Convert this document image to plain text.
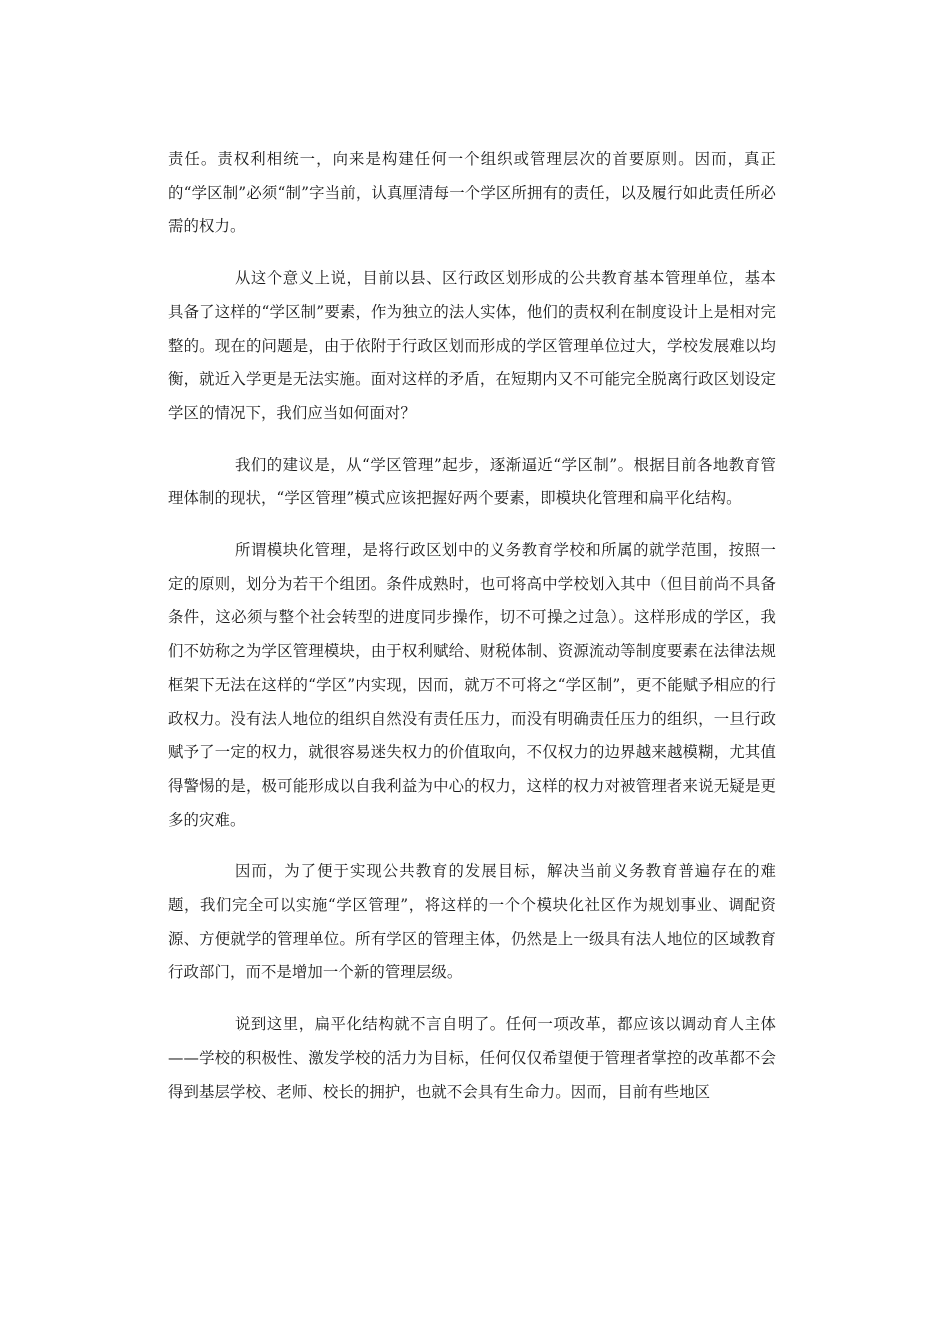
责任。责权利相统一，向来是构建任何一个组织或管理层次的首要原则。因而，真正的“学区制”必须“制”字当前，认真厘清每一个学区所拥有的责任，以及履行如此责任所必需的权力。

从这个意义上说，目前以县、区行政区划形成的公共教育基本管理单位，基本具备了这样的“学区制”要素，作为独立的法人实体，他们的责权利在制度设计上是相对完整的。现在的问题是，由于依附于行政区划而形成的学区管理单位过大，学校发展难以均衡，就近入学更是无法实施。面对这样的矛盾，在短期内又不可能完全脱离行政区划设定学区的情况下，我们应当如何面对？

我们的建议是，从“学区管理”起步，逐渐逼近“学区制”。根据目前各地教育管理体制的现状，“学区管理”模式应该把握好两个要素，即模块化管理和扁平化结构。

所谓模块化管理，是将行政区划中的义务教育学校和所属的就学范围，按照一定的原则，划分为若干个组团。条件成熟时，也可将高中学校划入其中（但目前尚不具备条件，这必须与整个社会转型的进度同步操作，切不可操之过急）。这样形成的学区，我们不妨称之为学区管理模块，由于权利赋给、财税体制、资源流动等制度要素在法律法规框架下无法在这样的“学区”内实现，因而，就万不可将之“学区制”，更不能赋予相应的行政权力。没有法人地位的组织自然没有责任压力，而没有明确责任压力的组织，一旦行政赋予了一定的权力，就很容易迷失权力的价值取向，不仅权力的边界越来越模糊，尤其值得警惕的是，极可能形成以自我利益为中心的权力，这样的权力对被管理者来说无疑是更多的灾难。

因而，为了便于实现公共教育的发展目标，解决当前义务教育普遍存在的难题，我们完全可以实施“学区管理”，将这样的一个个模块化社区作为规划事业、调配资源、方便就学的管理单位。所有学区的管理主体，仍然是上一级具有法人地位的区域教育行政部门，而不是增加一个新的管理层级。

说到这里，扁平化结构就不言自明了。任何一项改革，都应该以调动育人主体——学校的积极性、激发学校的活力为目标，任何仅仅希望便于管理者掌控的改革都不会得到基层学校、老师、校长的拥护，也就不会具有生命力。因而，目前有些地区
